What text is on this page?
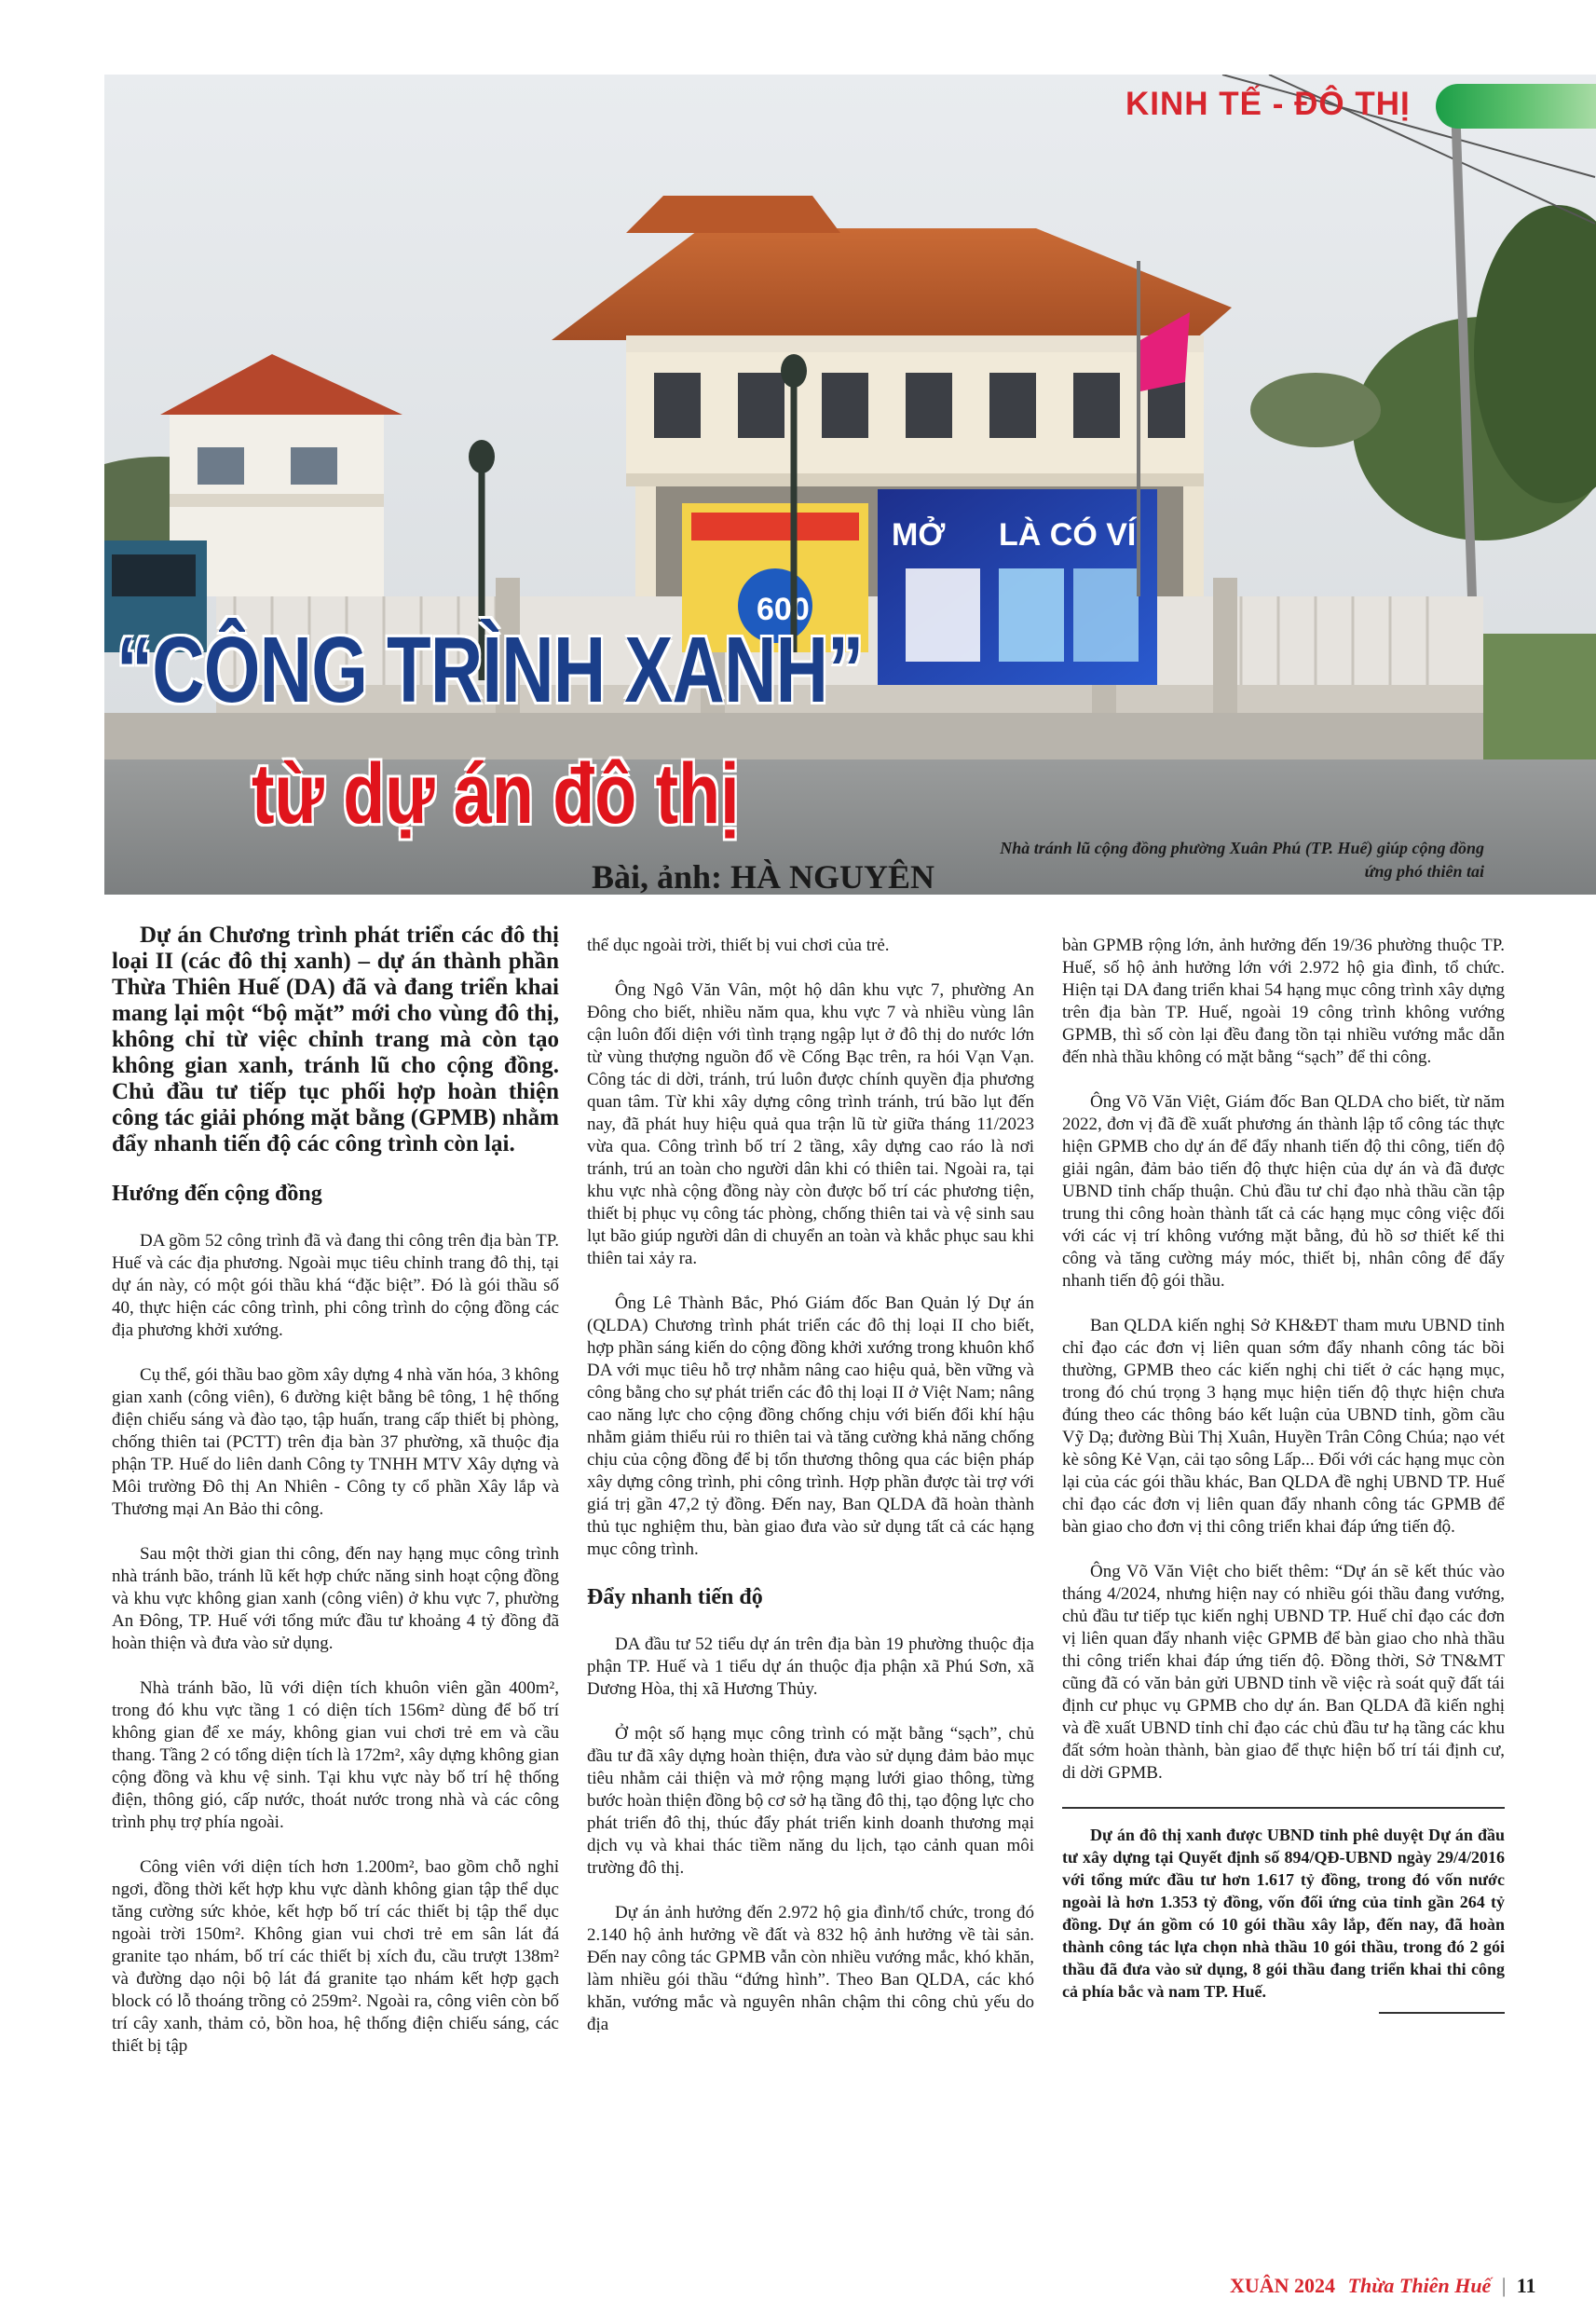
600
MỞ LÀ CÓ VÍ
KINH TẾ - ĐÔ THỊ
“CÔNG TRÌNH XANH”
từ dự án đô thị
Bài, ảnh: HÀ NGUYÊN
Nhà tránh lũ cộng đồng phường Xuân Phú (TP. Huế) giúp cộng đồng ứng phó thiên tai

Dự án Chương trình phát triển các đô thị loại II (các đô thị xanh) – dự án thành phần Thừa Thiên Huế (DA) đã và đang triển khai mang lại một “bộ mặt” mới cho vùng đô thị, không chỉ từ việc chỉnh trang mà còn tạo không gian xanh, tránh lũ cho cộng đồng. Chủ đầu tư tiếp tục phối hợp hoàn thiện công tác giải phóng mặt bằng (GPMB) nhằm đẩy nhanh tiến độ các công trình còn lại.

Hướng đến cộng đồng

DA gồm 52 công trình đã và đang thi công trên địa bàn TP. Huế và các địa phương. Ngoài mục tiêu chỉnh trang đô thị, tại dự án này, có một gói thầu khá “đặc biệt”. Đó là gói thầu số 40, thực hiện các công trình, phi công trình do cộng đồng các địa phương khởi xướng.

Cụ thể, gói thầu bao gồm xây dựng 4 nhà văn hóa, 3 không gian xanh (công viên), 6 đường kiệt bằng bê tông, 1 hệ thống điện chiếu sáng và đào tạo, tập huấn, trang cấp thiết bị phòng, chống thiên tai (PCTT) trên địa bàn 37 phường, xã thuộc địa phận TP. Huế do liên danh Công ty TNHH MTV Xây dựng và Môi trường Đô thị An Nhiên - Công ty cổ phần Xây lắp và Thương mại An Bảo thi công.

Sau một thời gian thi công, đến nay hạng mục công trình nhà tránh bão, tránh lũ kết hợp chức năng sinh hoạt cộng đồng và khu vực không gian xanh (công viên) ở khu vực 7, phường An Đông, TP. Huế với tổng mức đầu tư khoảng 4 tỷ đồng đã hoàn thiện và đưa vào sử dụng.

Nhà tránh bão, lũ với diện tích khuôn viên gần 400m², trong đó khu vực tầng 1 có diện tích 156m² dùng để bố trí không gian để xe máy, không gian vui chơi trẻ em và cầu thang. Tầng 2 có tổng diện tích là 172m², xây dựng không gian cộng đồng và khu vệ sinh. Tại khu vực này bố trí hệ thống điện, thông gió, cấp nước, thoát nước trong nhà và các công trình phụ trợ phía ngoài.

Công viên với diện tích hơn 1.200m², bao gồm chỗ nghỉ ngơi, đồng thời kết hợp khu vực dành không gian tập thể dục tăng cường sức khỏe, kết hợp bố trí các thiết bị tập thể dục ngoài trời 150m². Không gian vui chơi trẻ em sân lát đá granite tạo nhám, bố trí các thiết bị xích đu, cầu trượt 138m² và đường dạo nội bộ lát đá granite tạo nhám kết hợp gạch block có lỗ thoáng trồng cỏ 259m². Ngoài ra, công viên còn bố trí cây xanh, thảm cỏ, bồn hoa, hệ thống điện chiếu sáng, các thiết bị tập

thể dục ngoài trời, thiết bị vui chơi của trẻ.

Ông Ngô Văn Vân, một hộ dân khu vực 7, phường An Đông cho biết, nhiều năm qua, khu vực 7 và nhiều vùng lân cận luôn đối diện với tình trạng ngập lụt ở đô thị do nước lớn từ vùng thượng nguồn đổ về Cống Bạc trên, ra hói Vạn Vạn. Công tác di dời, tránh, trú luôn được chính quyền địa phương quan tâm. Từ khi xây dựng công trình tránh, trú bão lụt đến nay, đã phát huy hiệu quả qua trận lũ từ giữa tháng 11/2023 vừa qua. Công trình bố trí 2 tầng, xây dựng cao ráo là nơi tránh, trú an toàn cho người dân khi có thiên tai. Ngoài ra, tại khu vực nhà cộng đồng này còn được bố trí các phương tiện, thiết bị phục vụ công tác phòng, chống thiên tai và vệ sinh sau lụt bão giúp người dân di chuyển an toàn và khắc phục sau khi thiên tai xảy ra.

Ông Lê Thành Bắc, Phó Giám đốc Ban Quản lý Dự án (QLDA) Chương trình phát triển các đô thị loại II cho biết, hợp phần sáng kiến do cộng đồng khởi xướng trong khuôn khổ DA với mục tiêu hỗ trợ nhằm nâng cao hiệu quả, bền vững và công bằng cho sự phát triển các đô thị loại II ở Việt Nam; nâng cao năng lực cho cộng đồng chống chịu với biến đổi khí hậu nhằm giảm thiểu rủi ro thiên tai và tăng cường khả năng chống chịu của cộng đồng để bị tổn thương thông qua các biện pháp xây dựng công trình, phi công trình. Hợp phần được tài trợ với giá trị gần 47,2 tỷ đồng. Đến nay, Ban QLDA đã hoàn thành thủ tục nghiệm thu, bàn giao đưa vào sử dụng tất cả các hạng mục công trình.

Đẩy nhanh tiến độ

DA đầu tư 52 tiểu dự án trên địa bàn 19 phường thuộc địa phận TP. Huế và 1 tiểu dự án thuộc địa phận xã Phú Sơn, xã Dương Hòa, thị xã Hương Thủy.

Ở một số hạng mục công trình có mặt bằng “sạch”, chủ đầu tư đã xây dựng hoàn thiện, đưa vào sử dụng đảm bảo mục tiêu nhằm cải thiện và mở rộng mạng lưới giao thông, từng bước hoàn thiện đồng bộ cơ sở hạ tầng đô thị, tạo động lực cho phát triển đô thị, thúc đẩy phát triển kinh doanh thương mại dịch vụ và khai thác tiềm năng du lịch, tạo cảnh quan môi trường đô thị.

Dự án ảnh hưởng đến 2.972 hộ gia đình/tổ chức, trong đó 2.140 hộ ảnh hưởng về đất và 832 hộ ảnh hưởng về tài sản. Đến nay công tác GPMB vẫn còn nhiều vướng mắc, khó khăn, làm nhiều gói thầu “đứng hình”. Theo Ban QLDA, các khó khăn, vướng mắc và nguyên nhân chậm thi công chủ yếu do địa

bàn GPMB rộng lớn, ảnh hưởng đến 19/36 phường thuộc TP. Huế, số hộ ảnh hưởng lớn với 2.972 hộ gia đình, tổ chức. Hiện tại DA đang triển khai 54 hạng mục công trình xây dựng trên địa bàn TP. Huế, ngoài 19 công trình không vướng GPMB, thì số còn lại đều đang tồn tại nhiều vướng mắc dẫn đến nhà thầu không có mặt bằng “sạch” để thi công.

Ông Võ Văn Việt, Giám đốc Ban QLDA cho biết, từ năm 2022, đơn vị đã đề xuất phương án thành lập tổ công tác thực hiện GPMB cho dự án để đẩy nhanh tiến độ thi công, tiến độ giải ngân, đảm bảo tiến độ thực hiện của dự án và đã được UBND tỉnh chấp thuận. Chủ đầu tư chỉ đạo nhà thầu cần tập trung thi công hoàn thành tất cả các hạng mục công việc đối với các vị trí không vướng mặt bằng, đủ hồ sơ thiết kế thi công và tăng cường máy móc, thiết bị, nhân công để đẩy nhanh tiến độ gói thầu.

Ban QLDA kiến nghị Sở KH&ĐT tham mưu UBND tỉnh chỉ đạo các đơn vị liên quan sớm đẩy nhanh công tác bồi thường, GPMB theo các kiến nghị chi tiết ở các hạng mục, trong đó chú trọng 3 hạng mục hiện tiến độ thực hiện chưa đúng theo các thông báo kết luận của UBND tỉnh, gồm cầu Vỹ Dạ; đường Bùi Thị Xuân, Huyền Trân Công Chúa; nạo vét kè sông Kẻ Vạn, cải tạo sông Lấp... Đối với các hạng mục còn lại của các gói thầu khác, Ban QLDA đề nghị UBND TP. Huế chỉ đạo các đơn vị liên quan đẩy nhanh công tác GPMB để bàn giao cho đơn vị thi công triển khai đáp ứng tiến độ.

Ông Võ Văn Việt cho biết thêm: “Dự án sẽ kết thúc vào tháng 4/2024, nhưng hiện nay có nhiều gói thầu đang vướng, chủ đầu tư tiếp tục kiến nghị UBND TP. Huế chỉ đạo các đơn vị liên quan đẩy nhanh việc GPMB để bàn giao cho nhà thầu thi công triển khai đáp ứng tiến độ. Đồng thời, Sở TN&MT cũng đã có văn bản gửi UBND tỉnh về việc rà soát quỹ đất tái định cư phục vụ GPMB cho dự án. Ban QLDA đã kiến nghị và đề xuất UBND tỉnh chỉ đạo các chủ đầu tư hạ tầng các khu đất sớm hoàn thành, bàn giao để thực hiện bố trí tái định cư, di dời GPMB.

Dự án đô thị xanh được UBND tỉnh phê duyệt Dự án đầu tư xây dựng tại Quyết định số 894/QĐ-UBND ngày 29/4/2016 với tổng mức đầu tư hơn 1.617 tỷ đồng, trong đó vốn nước ngoài là hơn 1.353 tỷ đồng, vốn đối ứng của tỉnh gần 264 tỷ đồng. Dự án gồm có 10 gói thầu xây lắp, đến nay, đã hoàn thành công tác lựa chọn nhà thầu 10 gói thầu, trong đó 2 gói thầu đã đưa vào sử dụng, 8 gói thầu đang triển khai thi công cả phía bắc và nam TP. Huế.

XUÂN 2024 Thừa Thiên Huế | 11
